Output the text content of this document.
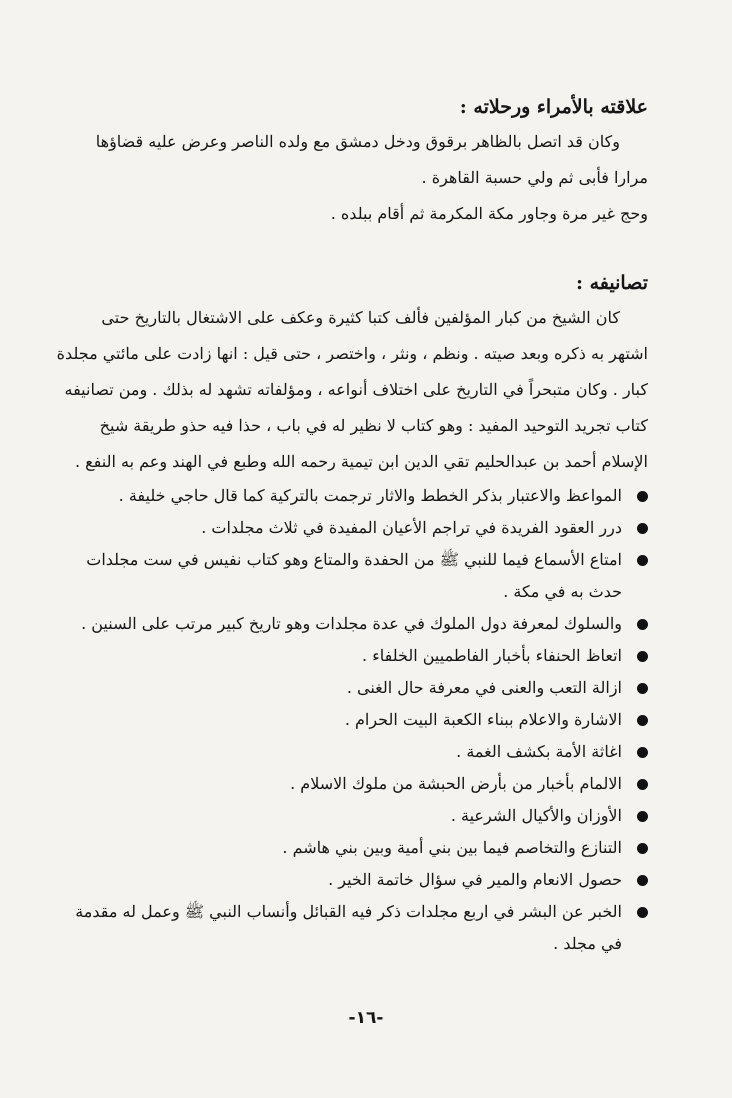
علاقته بالأمراء ورحلاته :

وكان قد اتصل بالظاهر برقوق ودخل دمشق مع ولده الناصر وعرض عليه قضاؤها

مرارا فأبى ثم ولي حسبة القاهرة .

وحج غير مرة وجاور مكة المكرمة ثم أقام ببلده .

تصانيفه :

كان الشيخ من كبار المؤلفين فألف كتبا كثيرة وعكف على الاشتغال بالتاريخ حتى

اشتهر به ذكره وبعد صيته . ونظم ، ونثر ، واختصر ، حتى قيل : انها زادت على مائتي مجلدة

كبار . وكان متبحراً في التاريخ على اختلاف أنواعه ، ومؤلفاته تشهد له بذلك . ومن تصانيفه

كتاب تجريد التوحيد المفيد : وهو كتاب لا نظير له في باب ، حذا فيه حذو طريقة شيخ

الإسلام أحمد بن عبدالحليم تقي الدين ابن تيمية رحمه الله وطبع في الهند وعم به النفع .

المواعظ والاعتبار بذكر الخطط والاثار ترجمت بالتركية كما قال حاجي خليفة .
درر العقود الفريدة في تراجم الأعيان المفيدة في ثلاث مجلدات .
امتاع الأسماع فيما للنبي ﷺ من الحفدة والمتاع وهو كتاب نفيس في ست مجلدات حدث به في مكة .
والسلوك لمعرفة دول الملوك في عدة مجلدات وهو تاريخ كبير مرتب على السنين .
اتعاظ الحنفاء بأخبار الفاطميين الخلفاء .
ازالة التعب والعنى في معرفة حال الغنى .
الاشارة والاعلام ببناء الكعبة البيت الحرام .
اغاثة الأمة بكشف الغمة .
الالمام بأخبار من بأرض الحبشة من ملوك الاسلام .
الأوزان والأكيال الشرعية .
التنازع والتخاصم فيما بين بني أمية وبين بني هاشم .
حصول الانعام والمير في سؤال خاتمة الخير .
الخبر عن البشر في اربع مجلدات ذكر فيه القبائل وأنساب النبي ﷺ وعمل له مقدمة في مجلد .
-١٦-
